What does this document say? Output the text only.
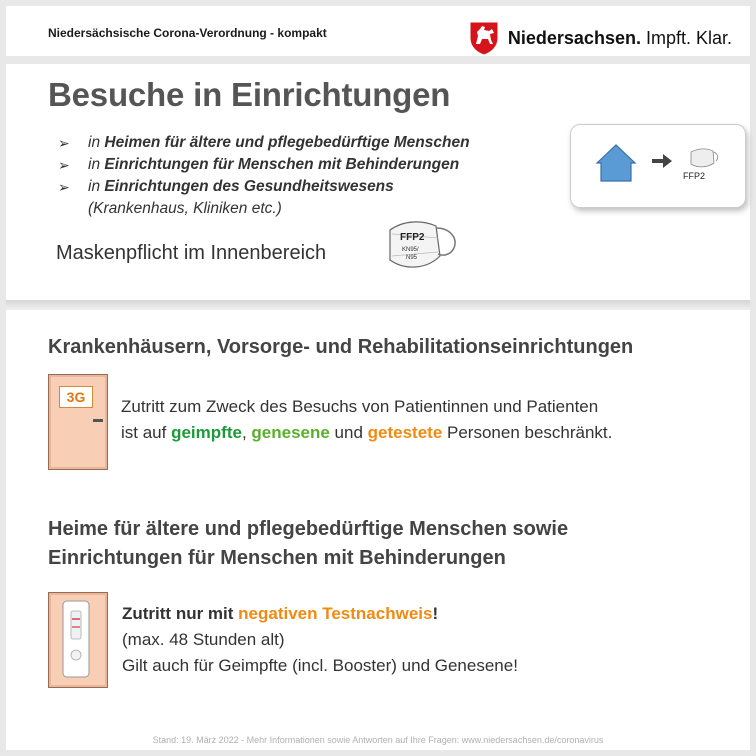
Niedersächsische Corona-Verordnung - kompakt	Niedersachsen. Impft. Klar.
Besuche in Einrichtungen
➢ in Heimen für ältere und pflegebedürftige Menschen
➢ in Einrichtungen für Menschen mit Behinderungen
➢ in Einrichtungen des Gesundheitswesens
(Krankenhaus, Kliniken etc.)
Maskenpflicht im Innenbereich
FFP2
KN95/
N95
FFP2
Krankenhäusern, Vorsorge- und Rehabilitationseinrichtungen
3G	Zutritt zum Zweck des Besuchs von Patientinnen und Patienten
ist auf geimpfte, genesene und getestete Personen beschränkt.
Heime für ältere und pflegebedürftige Menschen sowie
Einrichtungen für Menschen mit Behinderungen
Zutritt nur mit negativen Testnachweis!
(max. 48 Stunden alt)
Gilt auch für Geimpfte (incl. Booster) und Genesene!
Stand: 19. März 2022 - Mehr Informationen sowie Antworten auf Ihre Fragen: www.niedersachsen.de/coronavirus
